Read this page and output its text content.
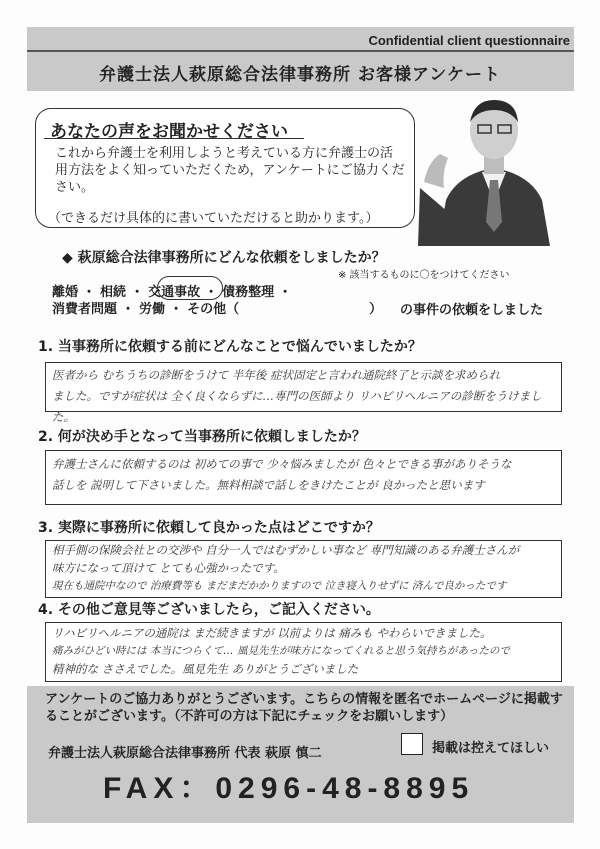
Confidential client questionnaire
弁護士法人萩原総合法律事務所 お客様アンケート
あなたの声をお聞かせください
これから弁護士を利用しようと考えている方に弁護士の活用方法をよく知っていただくため，アンケートにご協力ください。
（できるだけ具体的に書いていただけると助かります。）
◆ 萩原総合法律事務所にどんな依頼をしましたか？
※ 該当するものに〇をつけてください
離婚 ・ 相続 ・ 交通事故 ・ 債務整理 ・
消費者問題 ・ 労働 ・ その他（　　　　　　　　　　） の事件の依頼をしました
1. 当事務所に依頼する前にどんなことで悩んでいましたか？
医者から むちうちの診断をうけて 半年後 症状固定と言われ通院終了と示談を求められ
ました。ですが症状は 全く良くならずに…専門の医師より リハビリヘルニアの診断をうけました。
2. 何が決め手となって当事務所に依頼しましたか？
弁護士さんに依頼するのは 初めての事で 少々悩みましたが 色々とできる事がありそうな
話しを 説明して下さいました。無料相談で話しをきけたことが 良かったと思います
3. 実際に事務所に依頼して良かった点はどこですか？
相手側の保険会社との交渉や 自分一人ではむずかしい事など 専門知識のある弁護士さんが
味方になって頂けて とても心強かったです。
現在も通院中なので 治療費等も まだまだかかりますので 泣き寝入りせずに 済んで良かったです
4. その他ご意見等ございましたら，ご記入ください。
リハビリヘルニアの通院は まだ続きますが 以前よりは 痛みも やわらいできました。
痛みがひどい時には 本当につらくて… 風見先生が味方になってくれると思う気持ちがあったので
精神的な ささえでした。風見先生 ありがとうございました
アンケートのご協力ありがとうございます。こちらの情報を匿名でホームページに掲載することがございます。（不許可の方は下記にチェックをお願いします）
弁護士法人萩原総合法律事務所 代表 萩原 慎二	掲載は控えてほしい
FAX：0296-48-8895
